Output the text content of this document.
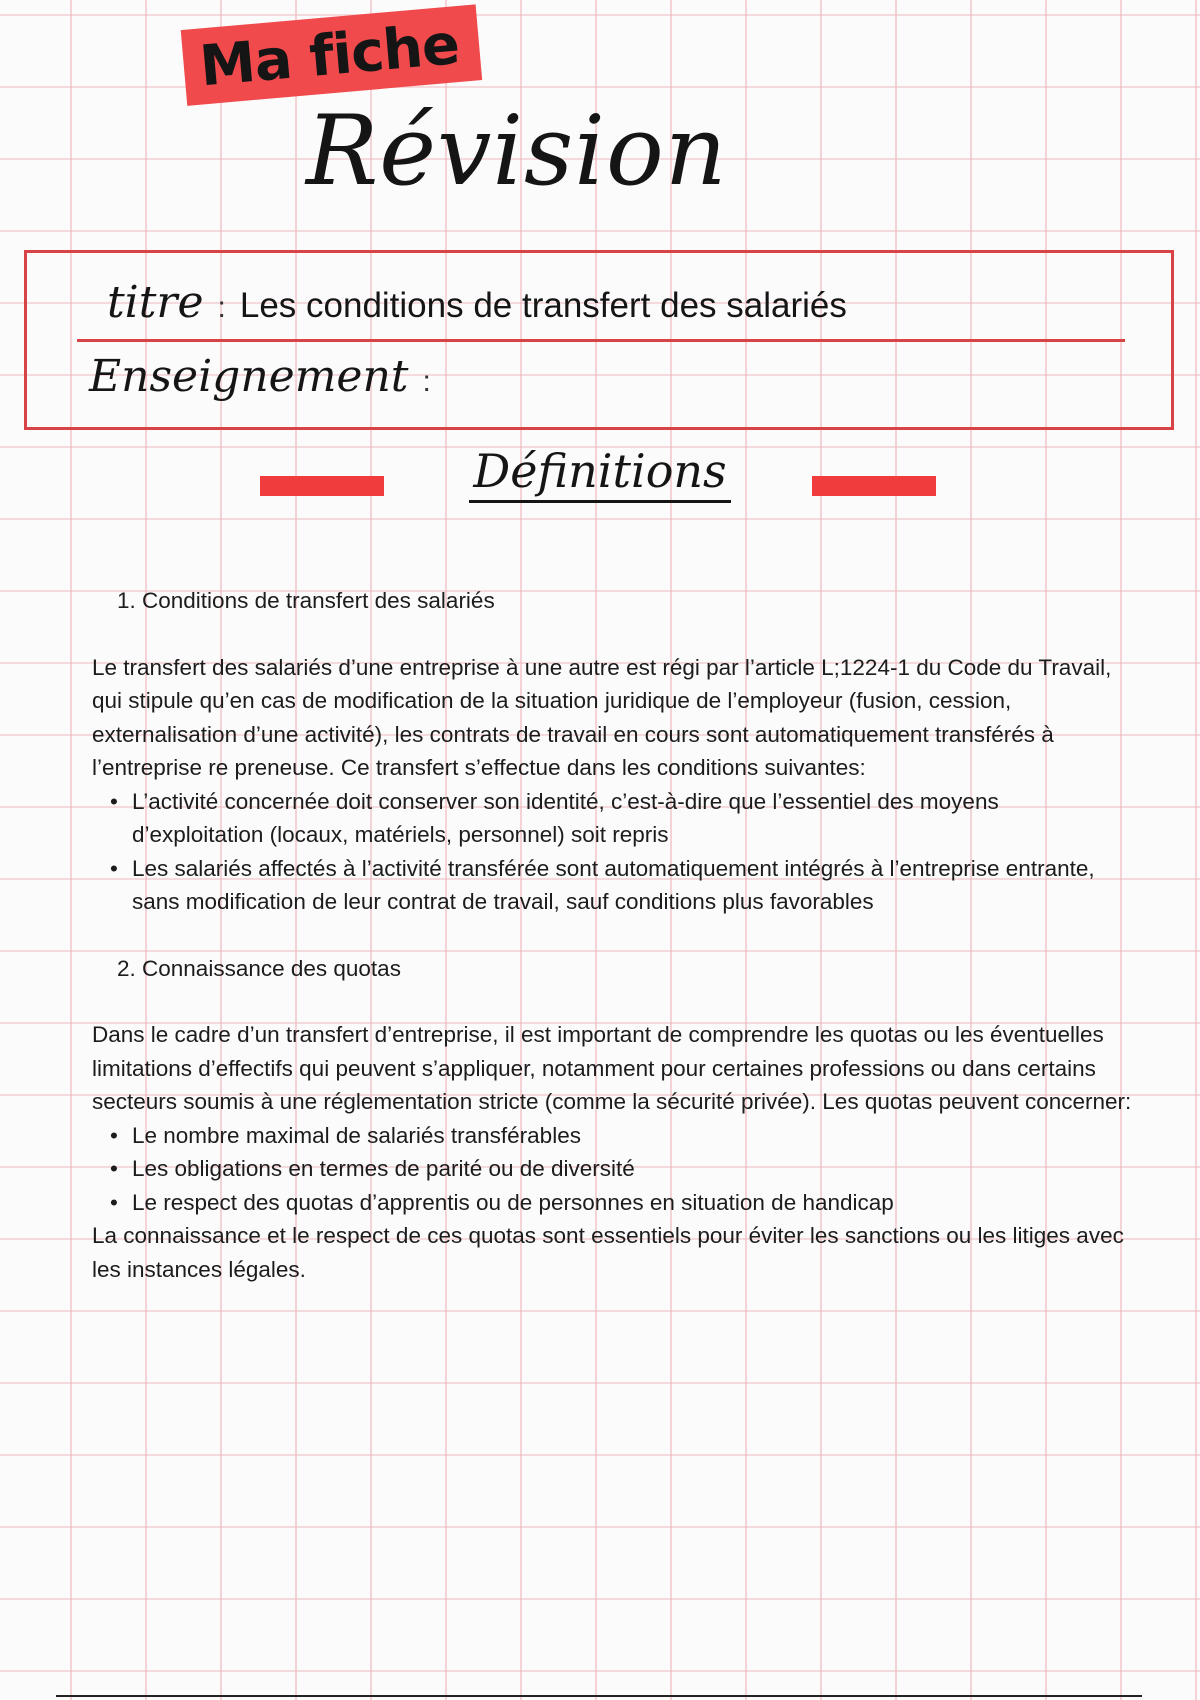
Ma fiche
Révision
titre : Les conditions de transfert des salariés
Enseignement :
Définitions
1. Conditions de transfert des salariés

Le transfert des salariés d’une entreprise à une autre est régi par l’article L;1224-1 du Code du Travail, qui stipule qu’en cas de modification de la situation juridique de l’employeur (fusion, cession, externalisation d’une activité), les contrats de travail en cours sont automatiquement transférés à l’entreprise re preneuse. Ce transfert s’effectue dans les conditions suivantes:

• L’activité concernée doit conserver son identité, c’est-à-dire que l’essentiel des moyens d’exploitation (locaux, matériels, personnel) soit repris
• Les salariés affectés à l’activité transférée sont automatiquement intégrés à l’entreprise entrante, sans modification de leur contrat de travail, sauf conditions plus favorables
2. Connaissance des quotas

Dans le cadre d’un transfert d’entreprise, il est important de comprendre les quotas ou les éventuelles limitations d’effectifs qui peuvent s’appliquer, notamment pour certaines professions ou dans certains secteurs soumis à une réglementation stricte (comme la sécurité privée). Les quotas peuvent concerner:

• Le nombre maximal de salariés transférables
• Les obligations en termes de parité ou de diversité
• Le respect des quotas d’apprentis ou de personnes en situation de handicap

La connaissance et le respect de ces quotas sont essentiels pour éviter les sanctions ou les litiges avec les instances légales.
